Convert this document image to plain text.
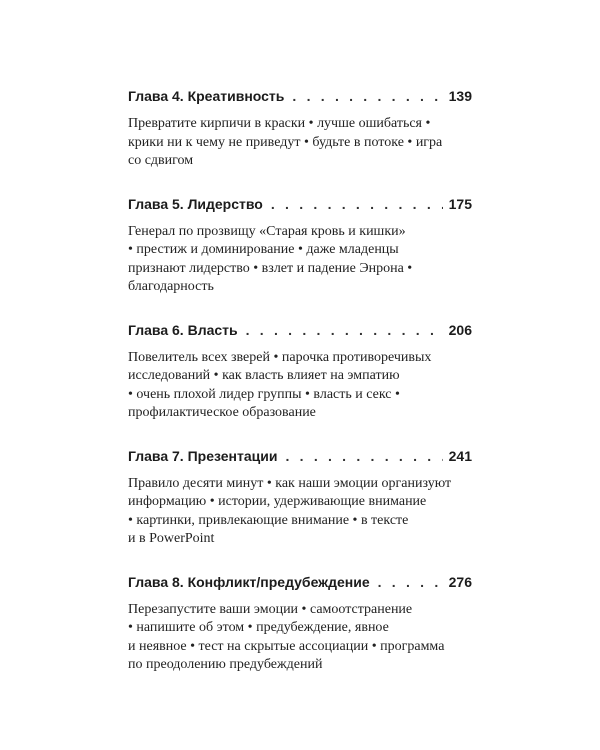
Глава 4. Креативность . . .	139

Превратите кирпичи в краски • лучше ошибаться •
крики ни к чему не приведут • будьте в потоке • игра
со сдвигом

Глава 5. Лидерство . . .	175

Генерал по прозвищу «Старая кровь и кишки»
• престиж и доминирование • даже младенцы
признают лидерство • взлет и падение Энрона •
благодарность

Глава 6. Власть . . .	206

Повелитель всех зверей • парочка противоречивых
исследований • как власть влияет на эмпатию
• очень плохой лидер группы • власть и секс •
профилактическое образование

Глава 7. Презентации . . .	241

Правило десяти минут • как наши эмоции организуют
информацию • истории, удерживающие внимание
• картинки, привлекающие внимание • в тексте
и в PowerPoint

Глава 8. Конфликт/предубеждение . . .	276

Перезапустите ваши эмоции • самоотстранение
• напишите об этом • предубеждение, явное
и неявное • тест на скрытые ассоциации • программа
по преодолению предубеждений
